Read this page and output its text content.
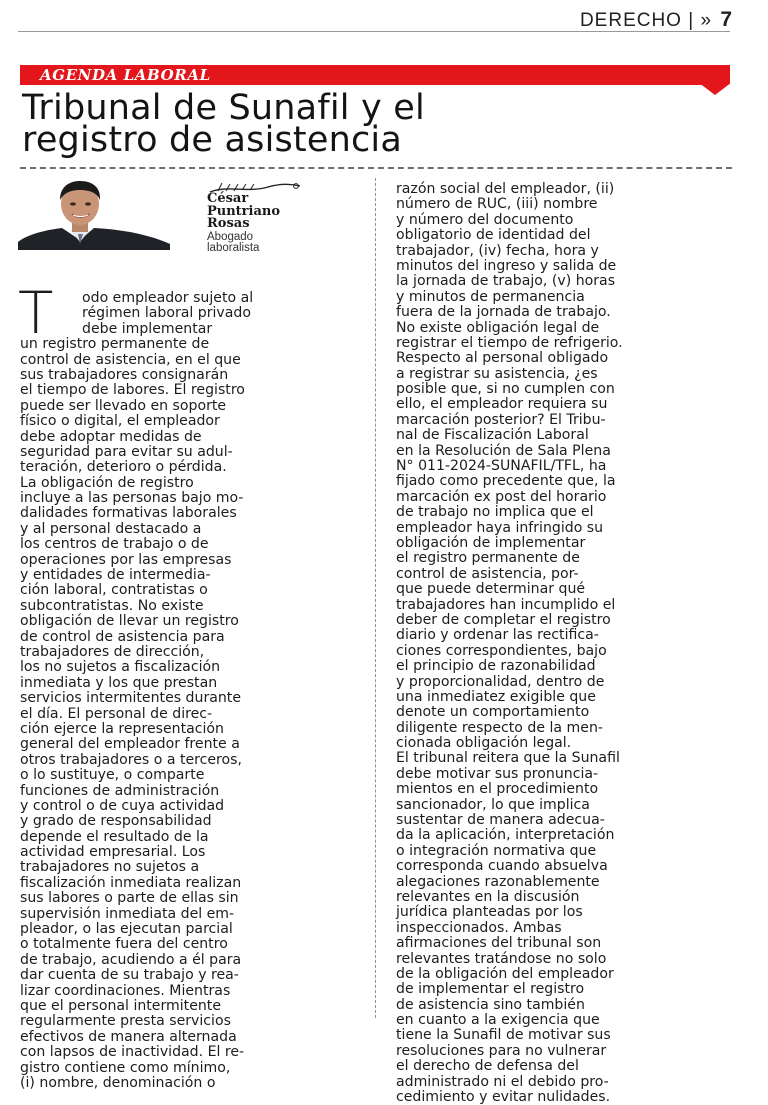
DERECHO | » 7
AGENDA LABORAL
Tribunal de Sunafil y el
registro de asistencia
César
Puntriano
Rosas
Abogado
laboralista
T	odo empleador sujeto al
régimen laboral privado
debe implementar
un registro permanente de
control de asistencia, en el que
sus trabajadores consignarán
el tiempo de labores. El registro
puede ser llevado en soporte
físico o digital, el empleador
debe adoptar medidas de
seguridad para evitar su adul-
teración, deterioro o pérdida.
La obligación de registro
incluye a las personas bajo mo-
dalidades formativas laborales
y al personal destacado a
los centros de trabajo o de
operaciones por las empresas
y entidades de intermedia-
ción laboral, contratistas o
subcontratistas. No existe
obligación de llevar un registro
de control de asistencia para
trabajadores de dirección,
los no sujetos a fiscalización
inmediata y los que prestan
servicios intermitentes durante
el día. El personal de direc-
ción ejerce la representación
general del empleador frente a
otros trabajadores o a terceros,
o lo sustituye, o comparte
funciones de administración
y control o de cuya actividad
y grado de responsabilidad
depende el resultado de la
actividad empresarial. Los
trabajadores no sujetos a
fiscalización inmediata realizan
sus labores o parte de ellas sin
supervisión inmediata del em-
pleador, o las ejecutan parcial
o totalmente fuera del centro
de trabajo, acudiendo a él para
dar cuenta de su trabajo y rea-
lizar coordinaciones. Mientras
que el personal intermitente
regularmente presta servicios
efectivos de manera alternada
con lapsos de inactividad. El re-
gistro contiene como mínimo,
(i) nombre, denominación o
razón social del empleador, (ii)
número de RUC, (iii) nombre
y número del documento
obligatorio de identidad del
trabajador, (iv) fecha, hora y
minutos del ingreso y salida de
la jornada de trabajo, (v) horas
y minutos de permanencia
fuera de la jornada de trabajo.
No existe obligación legal de
registrar el tiempo de refrigerio.
Respecto al personal obligado
a registrar su asistencia, ¿es
posible que, si no cumplen con
ello, el empleador requiera su
marcación posterior? El Tribu-
nal de Fiscalización Laboral
en la Resolución de Sala Plena
N° 011-2024-SUNAFIL/TFL, ha
fijado como precedente que, la
marcación ex post del horario
de trabajo no implica que el
empleador haya infringido su
obligación de implementar
el registro permanente de
control de asistencia, por-
que puede determinar qué
trabajadores han incumplido el
deber de completar el registro
diario y ordenar las rectifica-
ciones correspondientes, bajo
el principio de razonabilidad
y proporcionalidad, dentro de
una inmediatez exigible que
denote un comportamiento
diligente respecto de la men-
cionada obligación legal.
El tribunal reitera que la Sunafil
debe motivar sus pronuncia-
mientos en el procedimiento
sancionador, lo que implica
sustentar de manera adecua-
da la aplicación, interpretación
o integración normativa que
corresponda cuando absuelva
alegaciones razonablemente
relevantes en la discusión
jurídica planteadas por los
inspeccionados. Ambas
afirmaciones del tribunal son
relevantes tratándose no solo
de la obligación del empleador
de implementar el registro
de asistencia sino también
en cuanto a la exigencia que
tiene la Sunafil de motivar sus
resoluciones para no vulnerar
el derecho de defensa del
administrado ni el debido pro-
cedimiento y evitar nulidades.
